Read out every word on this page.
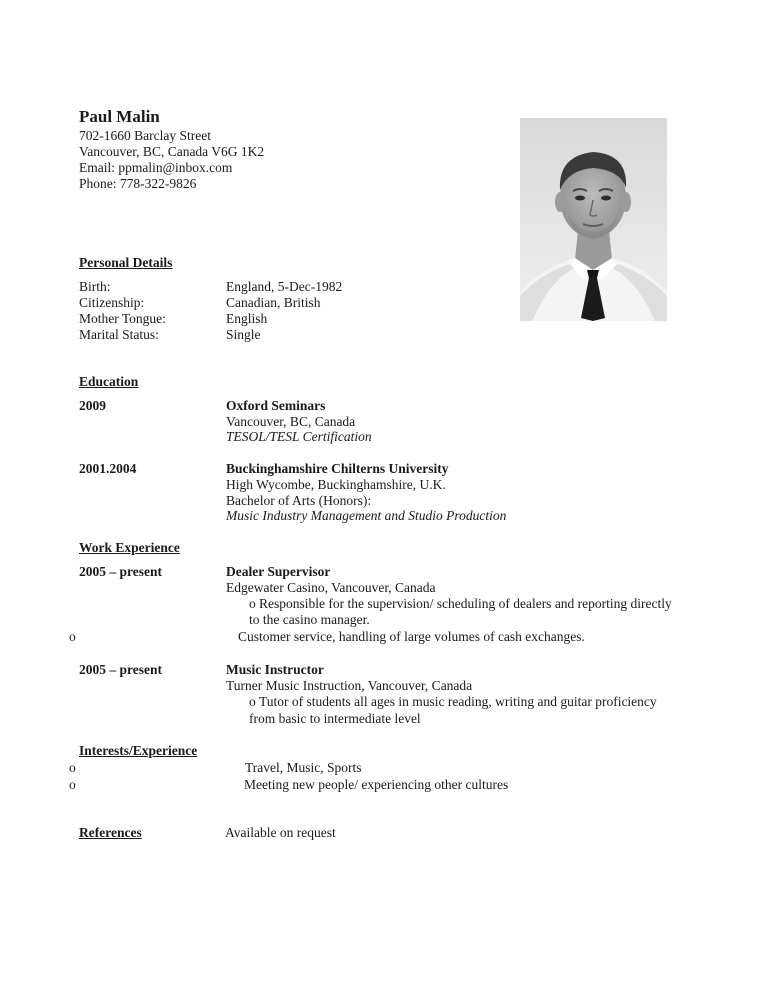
Paul Malin
702-1660 Barclay Street
Vancouver, BC, Canada V6G 1K2
Email: ppmalin@inbox.com
Phone: 778-322-9826
Personal Details
Birth:	England, 5-Dec-1982
Citizenship:	Canadian, British
Mother Tongue:	English
Marital Status:	Single
Education
2009	Oxford Seminars
Vancouver, BC, Canada
TESOL/TESL Certification
2001.2004	Buckinghamshire Chilterns University
High Wycombe, Buckinghamshire, U.K.
Bachelor of Arts (Honors):
Music Industry Management and Studio Production
Work Experience
2005 – present	Dealer Supervisor
Edgewater Casino, Vancouver, Canada
o Responsible for the supervision/ scheduling of dealers and reporting directly
to the casino manager.
o	Customer service, handling of large volumes of cash exchanges.
2005 – present	Music Instructor
Turner Music Instruction, Vancouver, Canada
o Tutor of students all ages in music reading, writing and guitar proficiency
from basic to intermediate level
Interests/Experience
o	Travel, Music, Sports
o	Meeting new people/ experiencing other cultures
References	Available on request
